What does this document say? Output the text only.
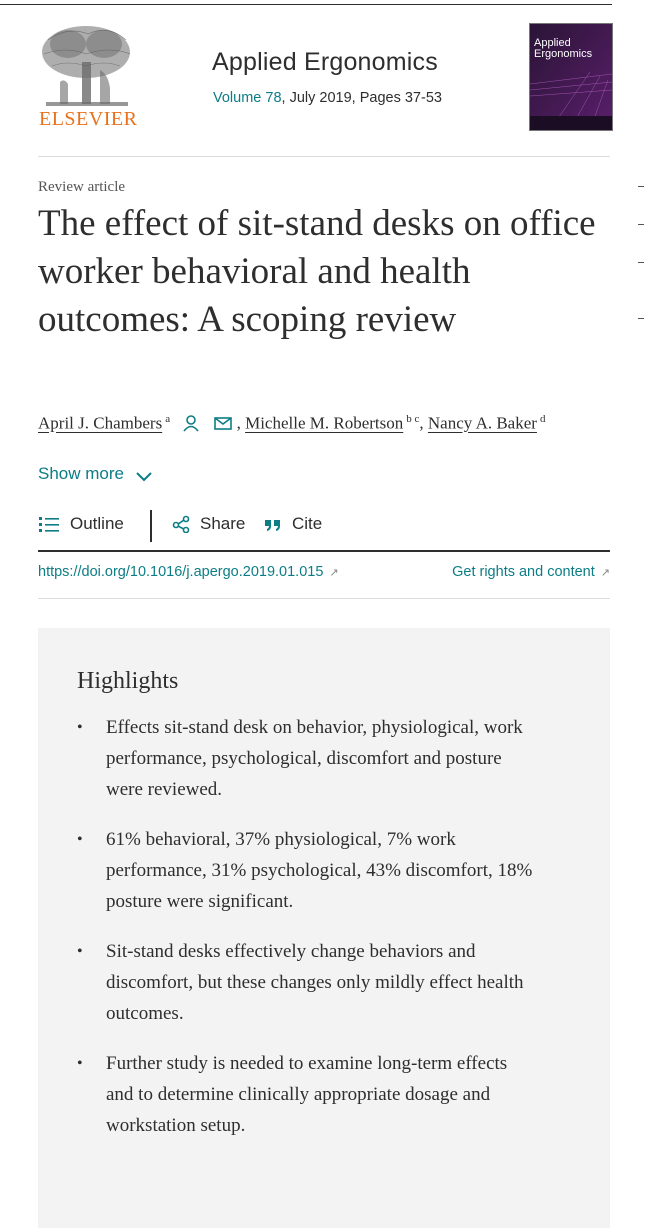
ELSEVIER
Applied Ergonomics
Volume 78, July 2019, Pages 37-53
Applied Ergonomics
Review article
The effect of sit-stand desks on office worker behavioral and health outcomes: A scoping review
April J. Chambers $^a$	, Michelle M. Robertson $^{b c}$, Nancy A. Baker $^d$
Show more
Outline	Share	Cite
https://doi.org/10.1016/j.apergo.2019.01.015 ↗	Get rights and content ↗
Highlights
• Effects sit-stand desk on behavior, physiological, work performance, psychological, discomfort and posture were reviewed.
• 61% behavioral, 37% physiological, 7% work performance, 31% psychological, 43% discomfort, 18% posture were significant.
• Sit-stand desks effectively change behaviors and discomfort, but these changes only mildly effect health outcomes.
• Further study is needed to examine long-term effects and to determine clinically appropriate dosage and workstation setup.
